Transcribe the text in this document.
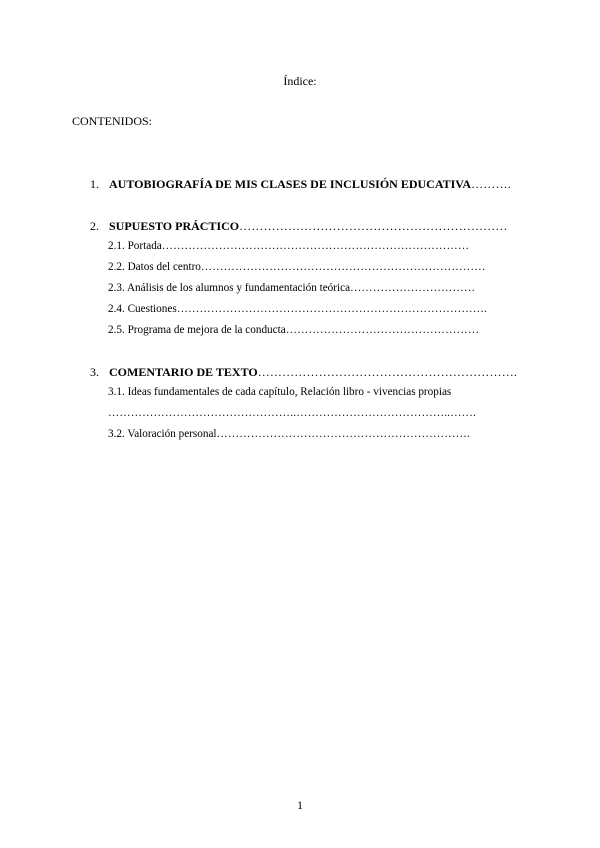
Índice:
CONTENIDOS:
1. AUTOBIOGRAFÍA DE MIS CLASES DE INCLUSIÓN EDUCATIVA……….
2. SUPUESTO PRÁCTICO…………………………………………………………
2.1. Portada………………………………………………………………………
2.2. Datos del centro…………………………………………………………………
2.3. Análisis de los alumnos y fundamentación teórica……………………………
2.4. Cuestiones……………………………………………………………………….
2.5. Programa de mejora de la conducta……………………………………………
3. COMENTARIO DE TEXTO……………………………………………………….
3.1. Ideas fundamentales de cada capítulo, Relación libro - vivencias propias
…………………………………………..…………………………………..…….
3.2. Valoración personal………………………………………………………….
1
